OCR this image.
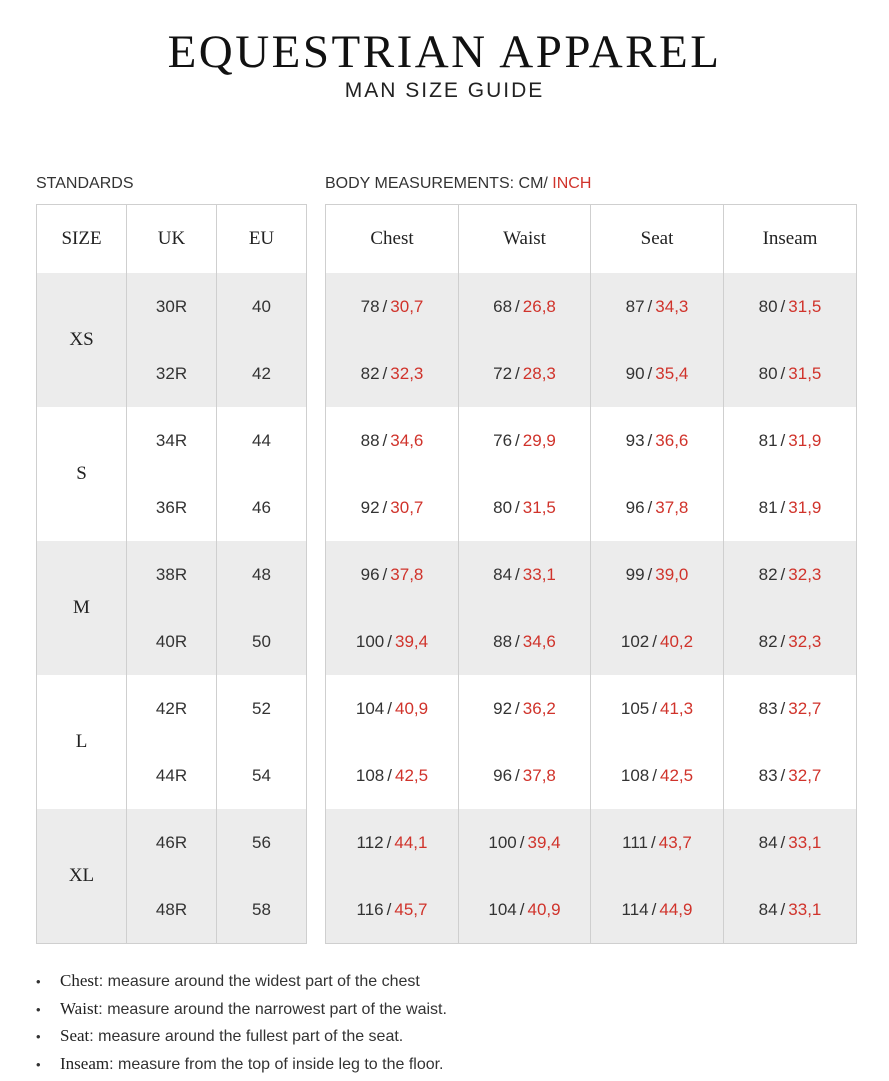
EQUESTRIAN APPAREL
MAN SIZE GUIDE
STANDARDS	BODY MEASUREMENTS: CM/ INCH
SIZE	UK	EU
XS	30R	40
	32R	42
S	34R	44
	36R	46
M	38R	48
	40R	50
L	42R	52
	44R	54
XL	46R	56
	48R	58
Chest	Waist	Seat	Inseam
78 / 30,7	68 / 26,8	87 / 34,3	80 / 31,5
82 / 32,3	72 / 28,3	90 / 35,4	80 / 31,5
88 / 34,6	76 / 29,9	93 / 36,6	81 / 31,9
92 / 30,7	80 / 31,5	96 / 37,8	81 / 31,9
96 / 37,8	84 / 33,1	99 / 39,0	82 / 32,3
100 / 39,4	88 / 34,6	102 / 40,2	82 / 32,3
104 / 40,9	92 / 36,2	105 / 41,3	83 / 32,7
108 / 42,5	96 / 37,8	108 / 42,5	83 / 32,7
112 / 44,1	100 / 39,4	111 / 43,7	84 / 33,1
116 / 45,7	104 / 40,9	114 / 44,9	84 / 33,1
• Chest: measure around the widest part of the chest
• Waist: measure around the narrowest part of the waist.
• Seat: measure around the fullest part of the seat.
• Inseam: measure from the top of inside leg to the floor.
